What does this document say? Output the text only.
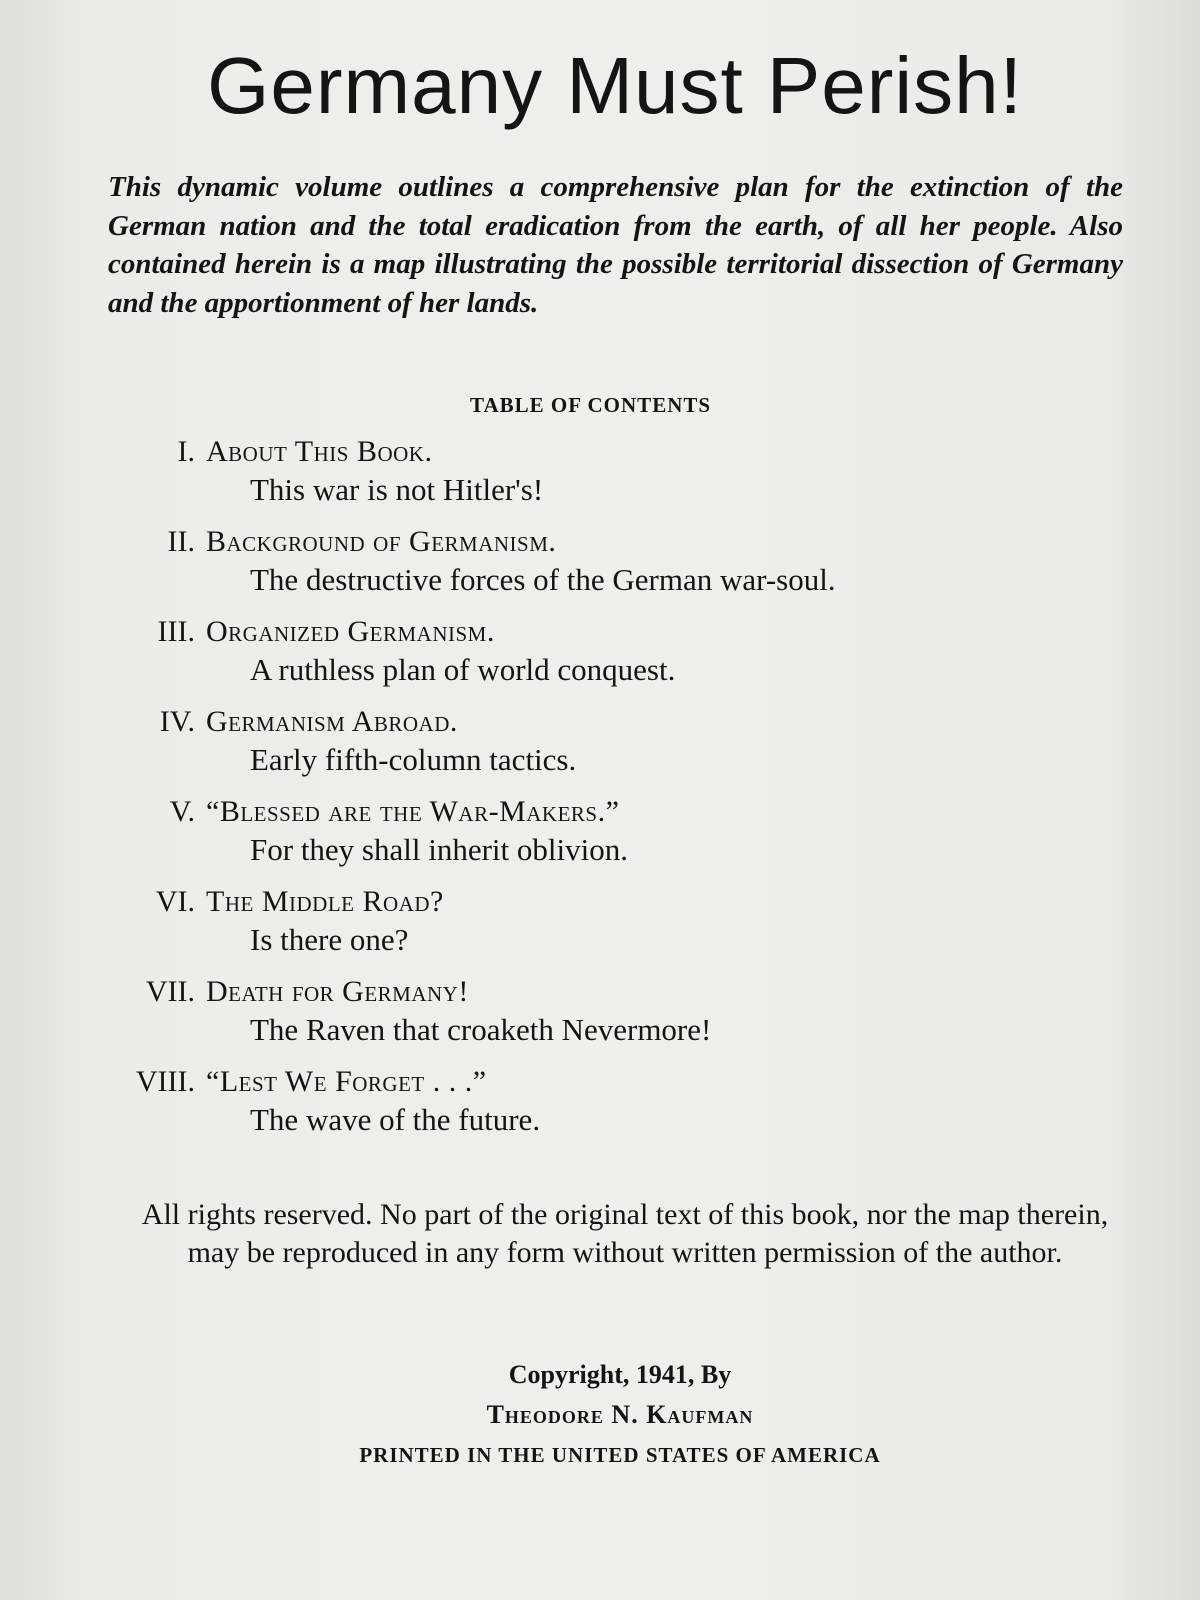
Germany Must Perish!

This dynamic volume outlines a comprehensive plan for the extinction of the German nation and the total eradication from the earth, of all her people. Also contained herein is a map illustrating the possible territorial dissection of Germany and the apportionment of her lands.

TABLE OF CONTENTS
I. About This Book.
This war is not Hitler's!
II. Background of Germanism.
The destructive forces of the German war-soul.
III. Organized Germanism.
A ruthless plan of world conquest.
IV. Germanism Abroad.
Early fifth-column tactics.
V. “Blessed are the War-Makers.”
For they shall inherit oblivion.
VI. The Middle Road?
Is there one?
VII. Death for Germany!
The Raven that croaketh Nevermore!
VIII. “Lest We Forget . . .”
The wave of the future.

All rights reserved. No part of the original text of this book, nor the map therein, may be reproduced in any form without written permission of the author.

Copyright, 1941, By
Theodore N. Kaufman
PRINTED IN THE UNITED STATES OF AMERICA
